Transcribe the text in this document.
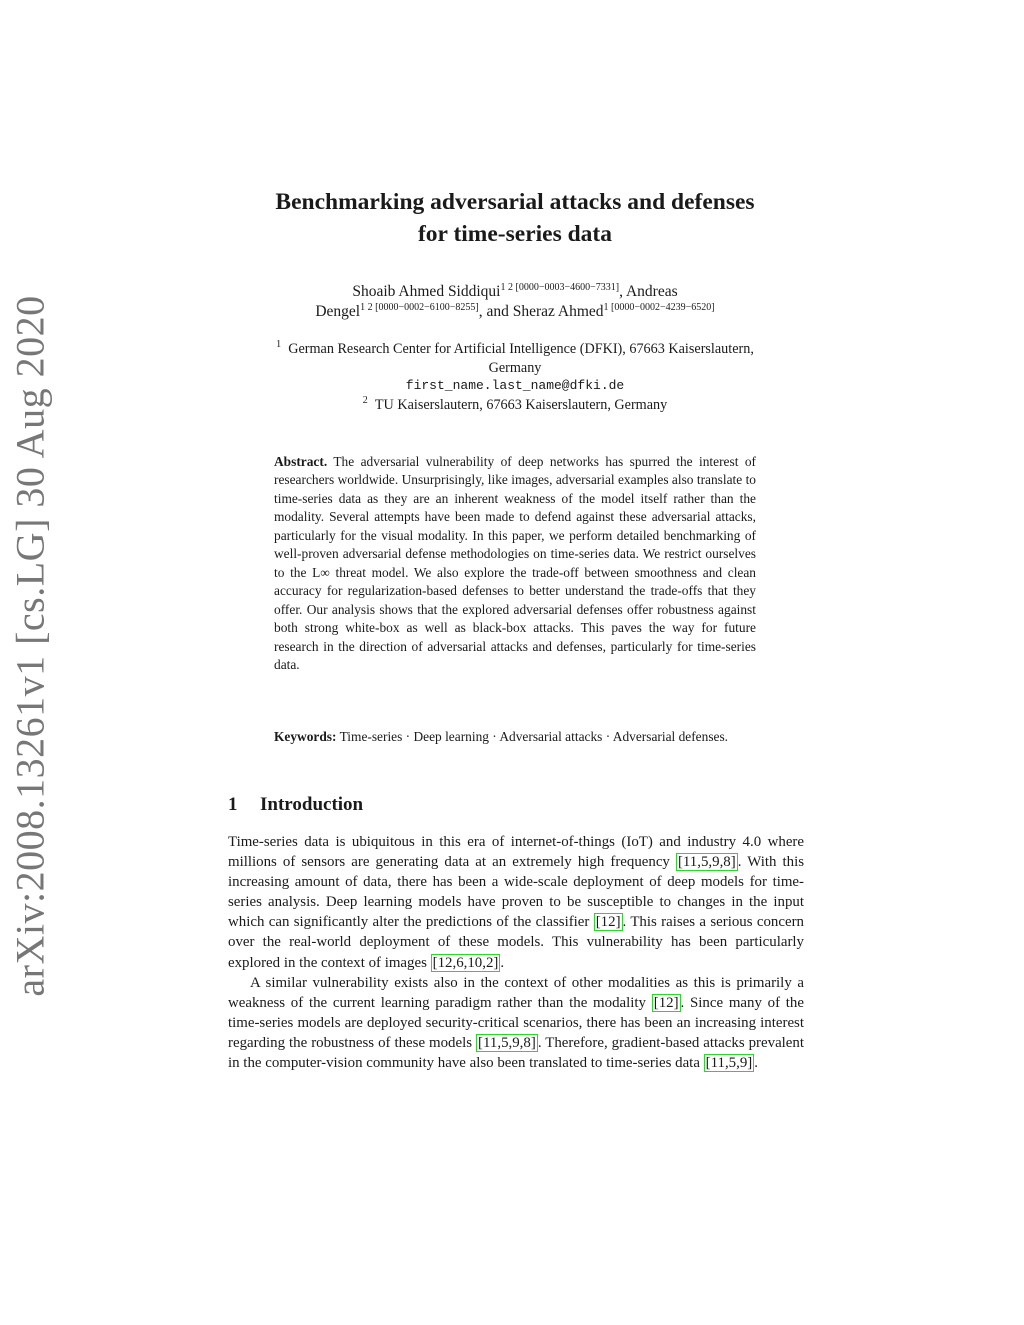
arXiv:2008.13261v1 [cs.LG] 30 Aug 2020
Benchmarking adversarial attacks and defenses
for time-series data
Shoaib Ahmed Siddiqui$^{1 2 [0000-0003-4600-7331]}$, Andreas
Dengel$^{1 2 [0000-0002-6100-8255]}$, and Sheraz Ahmed$^{1 [0000-0002-4239-6520]}$
$^1$ German Research Center for Artificial Intelligence (DFKI), 67663 Kaiserslautern,
Germany
first_name.last_name@dfki.de
$^2$ TU Kaiserslautern, 67663 Kaiserslautern, Germany
Abstract. The adversarial vulnerability of deep networks has spurred the interest of researchers worldwide. Unsurprisingly, like images, adversarial examples also translate to time-series data as they are an inherent weakness of the model itself rather than the modality. Several attempts have been made to defend against these adversarial attacks, particularly for the visual modality. In this paper, we perform detailed benchmarking of well-proven adversarial defense methodologies on time-series data. We restrict ourselves to the L∞ threat model. We also explore the trade-off between smoothness and clean accuracy for regularization-based defenses to better understand the trade-offs that they offer. Our analysis shows that the explored adversarial defenses offer robustness against both strong white-box as well as black-box attacks. This paves the way for future research in the direction of adversarial attacks and defenses, particularly for time-series data.
Keywords: Time-series · Deep learning · Adversarial attacks · Adversarial defenses.
1 Introduction

Time-series data is ubiquitous in this era of internet-of-things (IoT) and industry 4.0 where millions of sensors are generating data at an extremely high frequency [11,5,9,8] . With this increasing amount of data, there has been a wide-scale deployment of deep models for time-series analysis. Deep learning models have proven to be susceptible to changes in the input which can significantly alter the predictions of the classifier [12] . This raises a serious concern over the real-world deployment of these models. This vulnerability has been particularly explored in the context of images [12,6,10,2] .

A similar vulnerability exists also in the context of other modalities as this is primarily a weakness of the current learning paradigm rather than the modality [12] . Since many of the time-series models are deployed security-critical scenarios, there has been an increasing interest regarding the robustness of these models [11,5,9,8] . Therefore, gradient-based attacks prevalent in the computer-vision community have also been translated to time-series data [11,5,9] .
